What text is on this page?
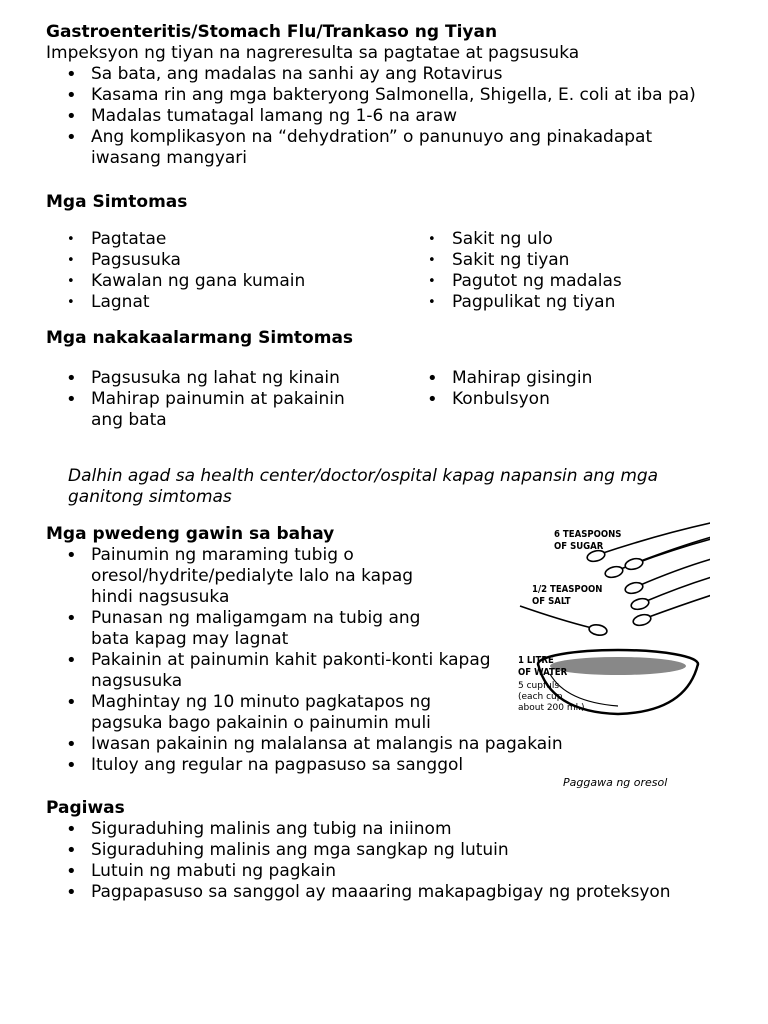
Gastroenteritis/Stomach Flu/Trankaso ng Tiyan

Impeksyon ng tiyan na nagreresulta sa pagtatae at pagsusuka

• Sa bata, ang madalas na sanhi ay ang Rotavirus
• Kasama rin ang mga bakteryong Salmonella, Shigella, E. coli at iba pa)
• Madalas tumatagal lamang ng 1-6 na araw
• Ang komplikasyon na “dehydration” o panunuyo ang pinakadapat iwasang mangyari
Mga Simtomas
• Pagtatae
• Pagsusuka
• Kawalan ng gana kumain
• Lagnat
• Sakit ng ulo
• Sakit ng tiyan
• Pagutot ng madalas
• Pagpulikat ng tiyan
Mga nakakaalarmang Simtomas
• Pagsusuka ng lahat ng kinain
• Mahirap painumin at pakainin ang bata
• Mahirap gisingin
• Konbulsyon
Dalhin agad sa health center/doctor/ospital kapag napansin ang mga ganitong simtomas
Mga pwedeng gawin sa bahay
• Painumin ng maraming tubig o oresol/hydrite/pedialyte lalo na kapag hindi nagsusuka
• Punasan ng maligamgam na tubig ang bata kapag may lagnat
• Pakainin at painumin kahit pakonti-konti kapag nagsusuka
• Maghintay ng 10 minuto pagkatapos ng pagsuka bago pakainin o painumin muli
• Iwasan pakainin ng malalansa at malangis na pagakain
• Ituloy ang regular na pagpasuso sa sanggol
6 TEASPOONS
OF SUGAR
1/2 TEASPOON
OF SALT
1 LITRE
OF WATER
5 cupfuls
(each cup
about 200 ml.)
Paggawa ng oresol
Pagiwas
• Siguraduhing malinis ang tubig na iniinom
• Siguraduhing malinis ang mga sangkap ng lutuin
• Lutuin ng mabuti ng pagkain
• Pagpapasuso sa sanggol ay maaaring makapagbigay ng proteksyon
